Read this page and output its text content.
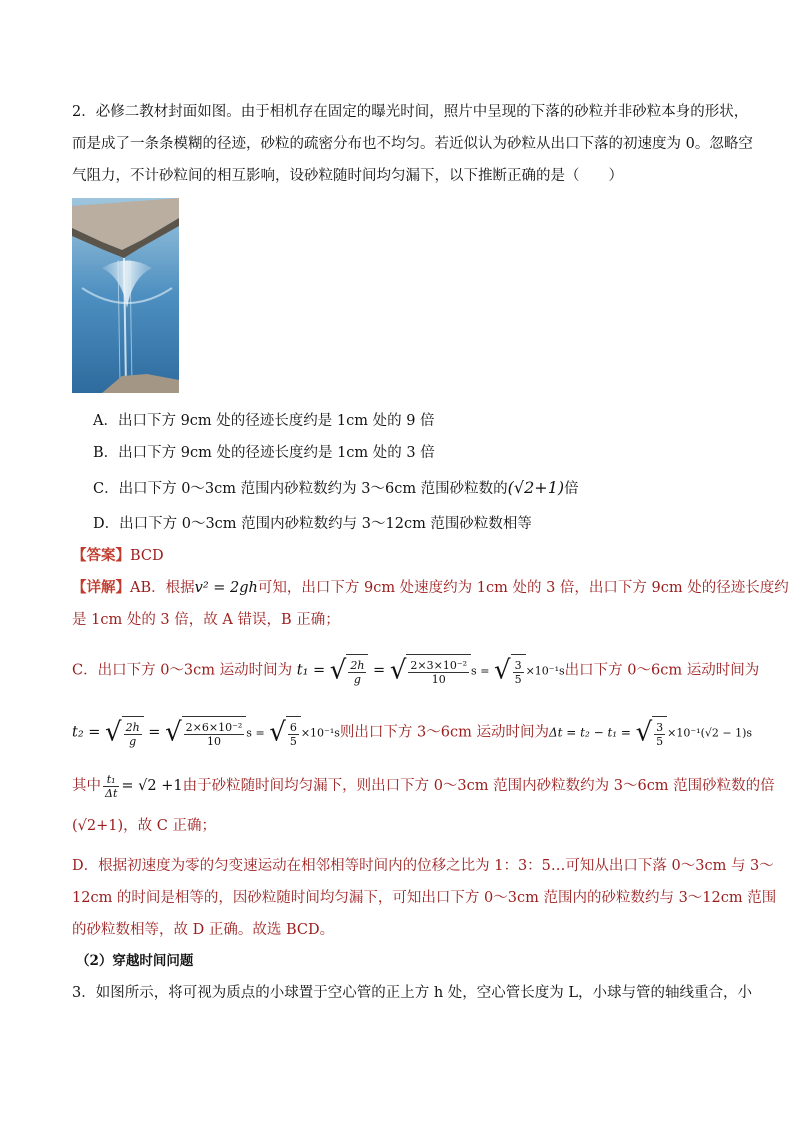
2．必修二教材封面如图。由于相机存在固定的曝光时间，照片中呈现的下落的砂粒并非砂粒本身的形状，
而是成了一条条模糊的径迹，砂粒的疏密分布也不均匀。若近似认为砂粒从出口下落的初速度为 0。忽略空
气阻力，不计砂粒间的相互影响，设砂粒随时间均匀漏下，以下推断正确的是（　　）
A．出口下方 9cm 处的径迹长度约是 1cm 处的 9 倍
B．出口下方 9cm 处的径迹长度约是 1cm 处的 3 倍
C．出口下方 0～3cm 范围内砂粒数约为 3～6cm 范围砂粒数的(√2+1)倍
D．出口下方 0～3cm 范围内砂粒数约与 3～12cm 范围砂粒数相等
【答案】BCD
【详解】AB．根据v² = 2gh可知，出口下方 9cm 处速度约为 1cm 处的 3 倍，出口下方 9cm 处的径迹长度约
是 1cm 处的 3 倍，故 A 错误，B 正确；
C．出口下方 0～3cm 运动时间为 t₁ = √ $\frac{2h}{g}$ = √ $\frac{\text{2×3×10⁻²}}{10}$ s = √ $\frac{3}{5} \times 10^{-1}s$出口下方 0～6cm 运动时间为
t₂ = √ $\frac{2h}{g}$ = √ $\frac{\text{2×6×10⁻²}}{10}$ s = √ $\frac{6}{5} \times 10^{-1}s$则出口下方 3～6cm 运动时间为Δt = t₂ − t₁ = √ $\frac{3}{5} \times 10^{-1}(√2 - 1)s$
其中 $\frac{\text{t₁}}{\Delta t} = √2 +1$由于砂粒随时间均匀漏下，则出口下方 0～3cm 范围内砂粒数约为 3～6cm 范围砂粒数的倍
(√2+1)，故 C 正确；
D．根据初速度为零的匀变速运动在相邻相等时间内的位移之比为 1：3：5…可知从出口下落 0～3cm 与 3～
12cm 的时间是相等的，因砂粒随时间均匀漏下，可知出口下方 0～3cm 范围内的砂粒数约与 3～12cm 范围
的砂粒数相等，故 D 正确。故选 BCD。
（2）穿越时间问题
3．如图所示，将可视为质点的小球置于空心管的正上方 h 处，空心管长度为 L，小球与管的轴线重合，小
